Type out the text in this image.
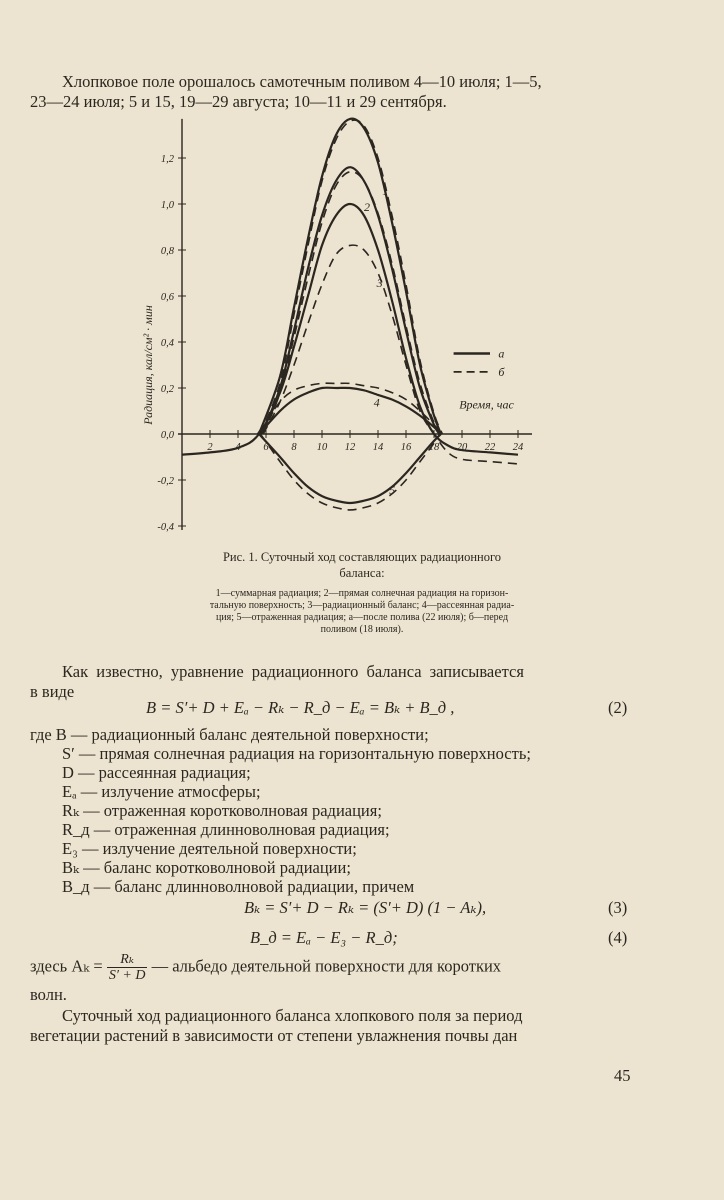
Хлопковое поле орошалось самотечным поливом 4—10 июля; 1—5,
23—24 июля; 5 и 15, 19—29 августа; 10—11 и 29 сентября.
1,2
1,0
0,8
0,6
0,4
0,2
0,0
-0,2
-0,4
2 4 6 8 10 12 14 16 18 20 22 24
Радиация, кал/см² · мин	Время, час
1
2
3
4
5
а
б
Рис. 1. Суточный ход составляющих радиационного
баланса:
1—суммарная радиация; 2—прямая солнечная радиация на горизон-
тальную поверхность; 3—радиационный баланс; 4—рассеянная радиа-
ция; 5—отраженная радиация; а—после полива (22 июля); б—перед
поливом (18 июля).
Как известно, уравнение радиационного баланса записывается
в виде
B = S′+ D + Eₐ − Rₖ − R_д − Eₐ = Bₖ + B_д ,	(2)
где B — радиационный баланс деятельной поверхности;
S′ — прямая солнечная радиация на горизонтальную поверхность;
D — рассеянная радиация;
Eₐ — излучение атмосферы;
Rₖ — отраженная коротковолновая радиация;
R_д — отраженная длинноволновая радиация;
E₃ — излучение деятельной поверхности;
Bₖ — баланс коротковолновой радиации;
B_д — баланс длинноволновой радиации, причем
Bₖ = S′+ D − Rₖ = (S′+ D) (1 − Aₖ),	(3)
B_д = Eₐ − E₃ − R_д;	(4)
здесь $A_k = \frac{\text{Rₖ}}{S' + D}$ — альбедо деятельной поверхности для коротких
волн.
Суточный ход радиационного баланса хлопкового поля за период
вегетации растений в зависимости от степени увлажнения почвы дан
45
